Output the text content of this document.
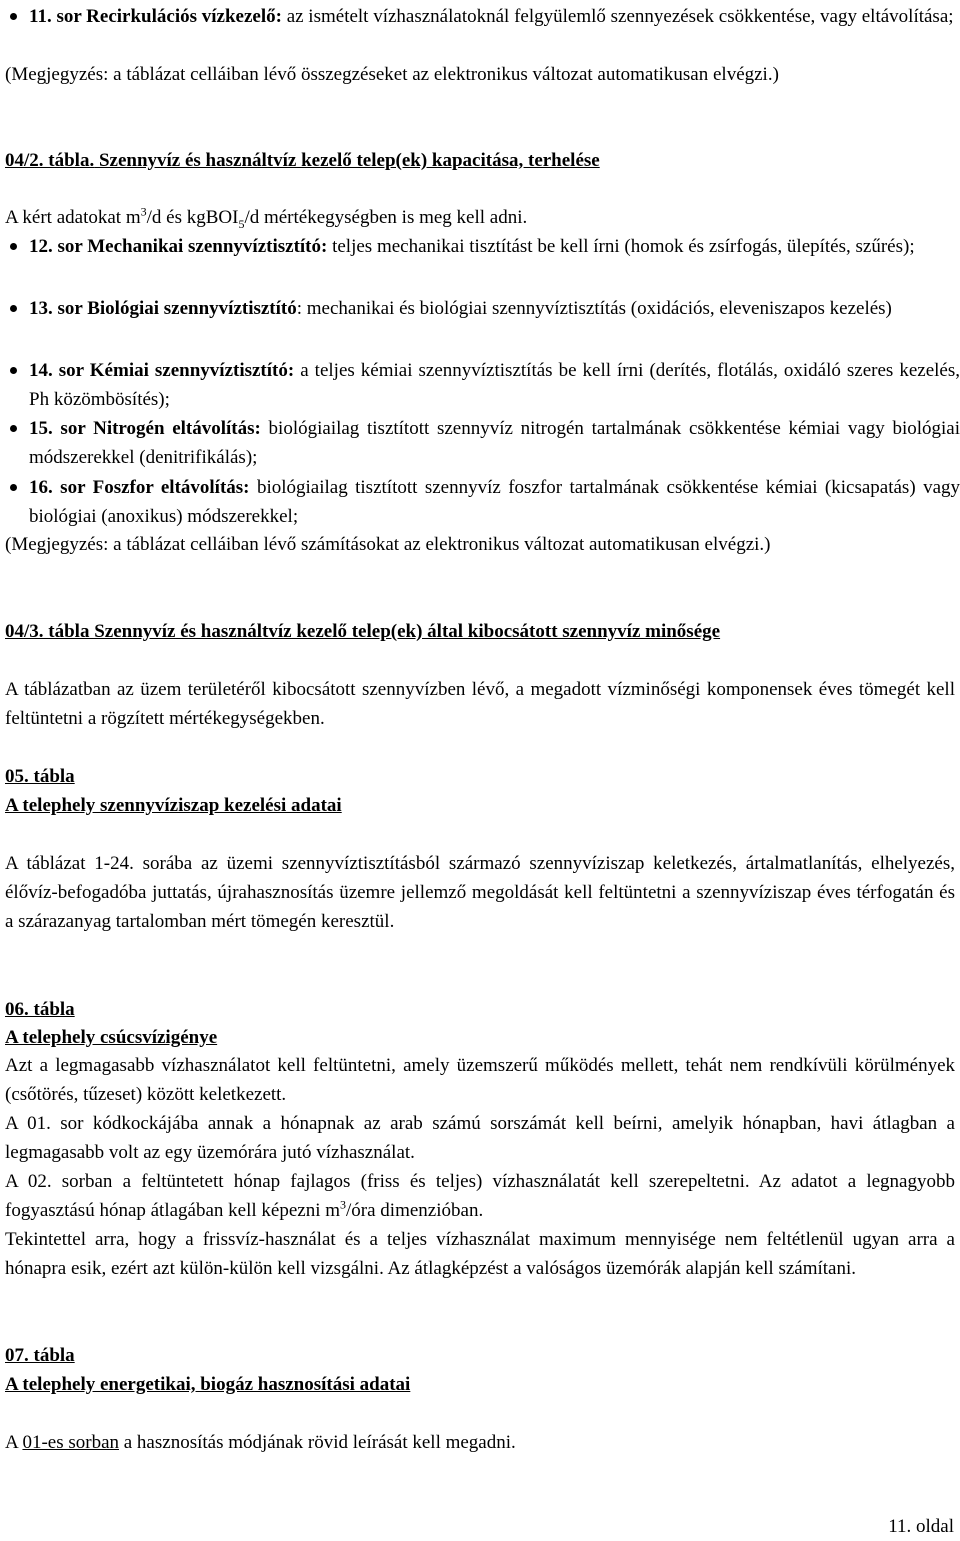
11. sor Recirkulációs vízkezelő: az ismételt vízhasználatoknál felgyülemlő szennyezések csökkentése, vagy eltávolítása;
(Megjegyzés: a táblázat celláiban lévő összegzéseket az elektronikus változat automatikusan elvégzi.)
04/2. tábla. Szennyvíz és használtvíz kezelő telep(ek) kapacitása, terhelése
A kért adatokat $m^3/d$ és kgBOI$_5$/d mértékegységben is meg kell adni.
12. sor Mechanikai szennyvíztisztító: teljes mechanikai tisztítást be kell írni (homok és zsírfogás, ülepítés, szűrés);
13. sor Biológiai szennyvíztisztító: mechanikai és biológiai szennyvíztisztítás (oxidációs, eleveniszapos kezelés)
14. sor Kémiai szennyvíztisztító: a teljes kémiai szennyvíztisztítás be kell írni (derítés, flotálás, oxidáló szeres kezelés, Ph közömbösítés);
15. sor Nitrogén eltávolítás: biológiailag tisztított szennyvíz nitrogén tartalmának csökkentése kémiai vagy biológiai módszerekkel (denitrifikálás);
16. sor Foszfor eltávolítás: biológiailag tisztított szennyvíz foszfor tartalmának csökkentése kémiai (kicsapatás) vagy biológiai (anoxikus) módszerekkel;
(Megjegyzés: a táblázat celláiban lévő számításokat az elektronikus változat automatikusan elvégzi.)
04/3. tábla Szennyvíz és használtvíz kezelő telep(ek) által kibocsátott szennyvíz minősége
A táblázatban az üzem területéről kibocsátott szennyvízben lévő, a megadott vízminőségi komponensek éves tömegét kell feltüntetni a rögzített mértékegységekben.
05. tábla
A telephely szennyvíziszap kezelési adatai
A táblázat 1-24. sorába az üzemi szennyvíztisztításból származó szennyvíziszap keletkezés, ártalmatlanítás, elhelyezés, élővíz-befogadóba juttatás, újrahasznosítás üzemre jellemző megoldását kell feltüntetni a szennyvíziszap éves térfogatán és a szárazanyag tartalomban mért tömegén keresztül.
06. tábla
A telephely csúcsvízigénye
Azt a legmagasabb vízhasználatot kell feltüntetni, amely üzemszerű működés mellett, tehát nem rendkívüli körülmények (csőtörés, tűzeset) között keletkezett.
A 01. sor kódkockájába annak a hónapnak az arab számú sorszámát kell beírni, amelyik hónapban, havi átlagban a legmagasabb volt az egy üzemórára jutó vízhasználat.
A 02. sorban a feltüntetett hónap fajlagos (friss és teljes) vízhasználatát kell szerepeltetni. Az adatot a legnagyobb fogyasztású hónap átlagában kell képezni $m^3$/óra dimenzióban.
Tekintettel arra, hogy a frissvíz-használat és a teljes vízhasználat maximum mennyisége nem feltétlenül ugyan arra a hónapra esik, ezért azt külön-külön kell vizsgálni. Az átlagképzést a valóságos üzemórák alapján kell számítani.
07. tábla
A telephely energetikai, biogáz hasznosítási adatai
A 01-es sorban a hasznosítás módjának rövid leírását kell megadni.
11. oldal
